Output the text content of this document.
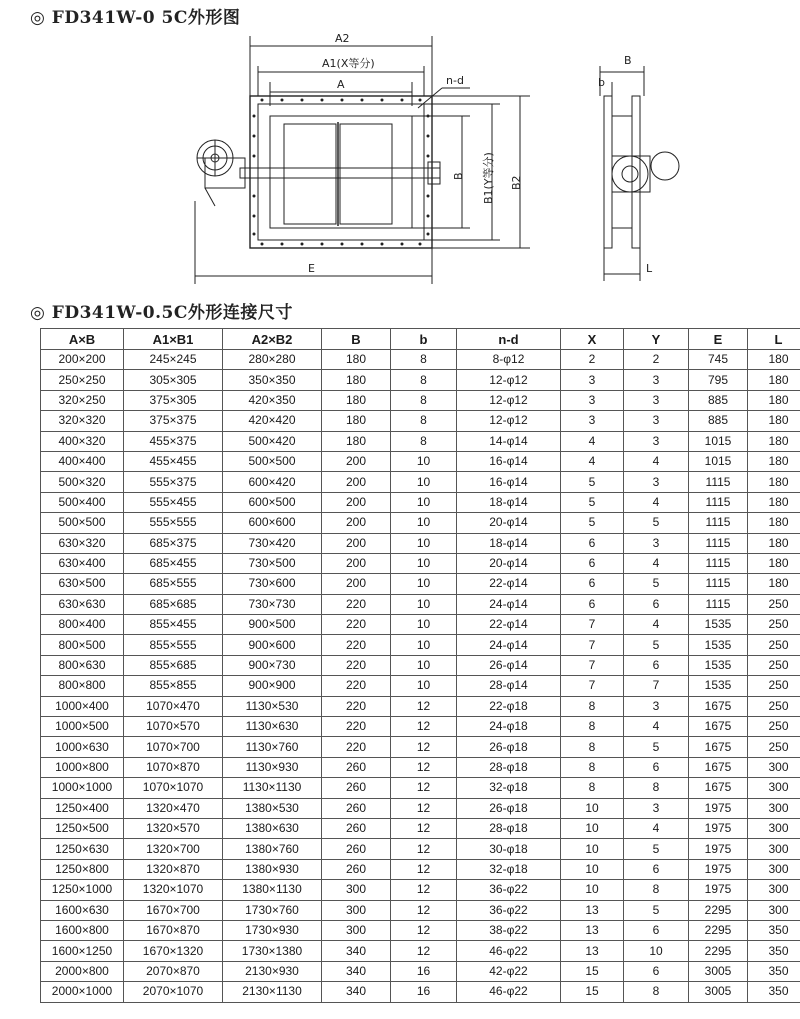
◎ FD341W-0 5C外形图
A2
A1(X等分)
A	n-d
B B1(Y等分) B2
E
b
B
L
◎ FD341W-0.5C外形连接尺寸
A×B	A1×B1	A2×B2	B	b	n-d	X	Y	E	L
200×200	245×245	280×280	180	8	8-φ12	2	2	745	180
250×250	305×305	350×350	180	8	12-φ12	3	3	795	180
320×250	375×305	420×350	180	8	12-φ12	3	3	885	180
320×320	375×375	420×420	180	8	12-φ12	3	3	885	180
400×320	455×375	500×420	180	8	14-φ14	4	3	1015	180
400×400	455×455	500×500	200	10	16-φ14	4	4	1015	180
500×320	555×375	600×420	200	10	16-φ14	5	3	1115	180
500×400	555×455	600×500	200	10	18-φ14	5	4	1115	180
500×500	555×555	600×600	200	10	20-φ14	5	5	1115	180
630×320	685×375	730×420	200	10	18-φ14	6	3	1115	180
630×400	685×455	730×500	200	10	20-φ14	6	4	1115	180
630×500	685×555	730×600	200	10	22-φ14	6	5	1115	180
630×630	685×685	730×730	220	10	24-φ14	6	6	1115	250
800×400	855×455	900×500	220	10	22-φ14	7	4	1535	250
800×500	855×555	900×600	220	10	24-φ14	7	5	1535	250
800×630	855×685	900×730	220	10	26-φ14	7	6	1535	250
800×800	855×855	900×900	220	10	28-φ14	7	7	1535	250
1000×400	1070×470	1130×530	220	12	22-φ18	8	3	1675	250
1000×500	1070×570	1130×630	220	12	24-φ18	8	4	1675	250
1000×630	1070×700	1130×760	220	12	26-φ18	8	5	1675	250
1000×800	1070×870	1130×930	260	12	28-φ18	8	6	1675	300
1000×1000	1070×1070	1130×1130	260	12	32-φ18	8	8	1675	300
1250×400	1320×470	1380×530	260	12	26-φ18	10	3	1975	300
1250×500	1320×570	1380×630	260	12	28-φ18	10	4	1975	300
1250×630	1320×700	1380×760	260	12	30-φ18	10	5	1975	300
1250×800	1320×870	1380×930	260	12	32-φ18	10	6	1975	300
1250×1000	1320×1070	1380×1130	300	12	36-φ22	10	8	1975	300
1600×630	1670×700	1730×760	300	12	36-φ22	13	5	2295	300
1600×800	1670×870	1730×930	300	12	38-φ22	13	6	2295	350
1600×1250	1670×1320	1730×1380	340	12	46-φ22	13	10	2295	350
2000×800	2070×870	2130×930	340	16	42-φ22	15	6	3005	350
2000×1000	2070×1070	2130×1130	340	16	46-φ22	15	8	3005	350
